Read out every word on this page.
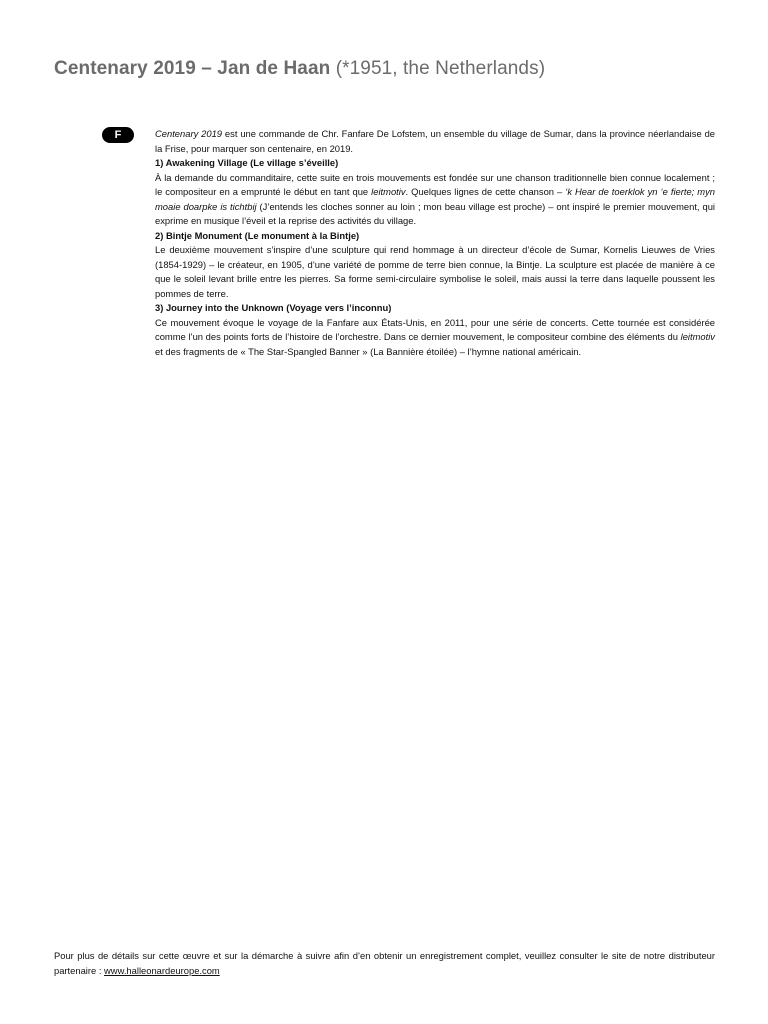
Centenary 2019 – Jan de Haan (*1951, the Netherlands)
F	Centenary 2019 est une commande de Chr. Fanfare De Lofstem, un ensemble du village de Sumar, dans la province néerlandaise de la Frise, pour marquer son centenaire, en 2019.

1) Awakening Village (Le village s’éveille)

À la demande du commanditaire, cette suite en trois mouvements est fondée sur une chanson traditionnelle bien connue localement ; le compositeur en a emprunté le début en tant que leitmotiv. Quelques lignes de cette chanson – ‘k Hear de toerklok yn ‘e fierte; myn moaie doarpke is tichtbij (J’entends les cloches sonner au loin ; mon beau village est proche) – ont inspiré le premier mouvement, qui exprime en musique l’éveil et la reprise des activités du village.

2) Bintje Monument (Le monument à la Bintje)

Le deuxième mouvement s’inspire d’une sculpture qui rend hommage à un directeur d’école de Sumar, Kornelis Lieuwes de Vries (1854-1929) – le créateur, en 1905, d’une variété de pomme de terre bien connue, la Bintje. La sculpture est placée de manière à ce que le soleil levant brille entre les pierres. Sa forme semi-circulaire symbolise le soleil, mais aussi la terre dans laquelle poussent les pommes de terre.

3) Journey into the Unknown (Voyage vers l’inconnu)

Ce mouvement évoque le voyage de la Fanfare aux États-Unis, en 2011, pour une série de concerts. Cette tournée est considérée comme l’un des points forts de l’histoire de l’orchestre. Dans ce dernier mouvement, le compositeur combine des éléments du leitmotiv et des fragments de « The Star-Spangled Banner » (La Bannière étoilée) – l’hymne national américain.

Pour plus de détails sur cette œuvre et sur la démarche à suivre afin d’en obtenir un enregistrement complet, veuillez consulter le site de notre distributeur partenaire : www.halleonardeurope.com
